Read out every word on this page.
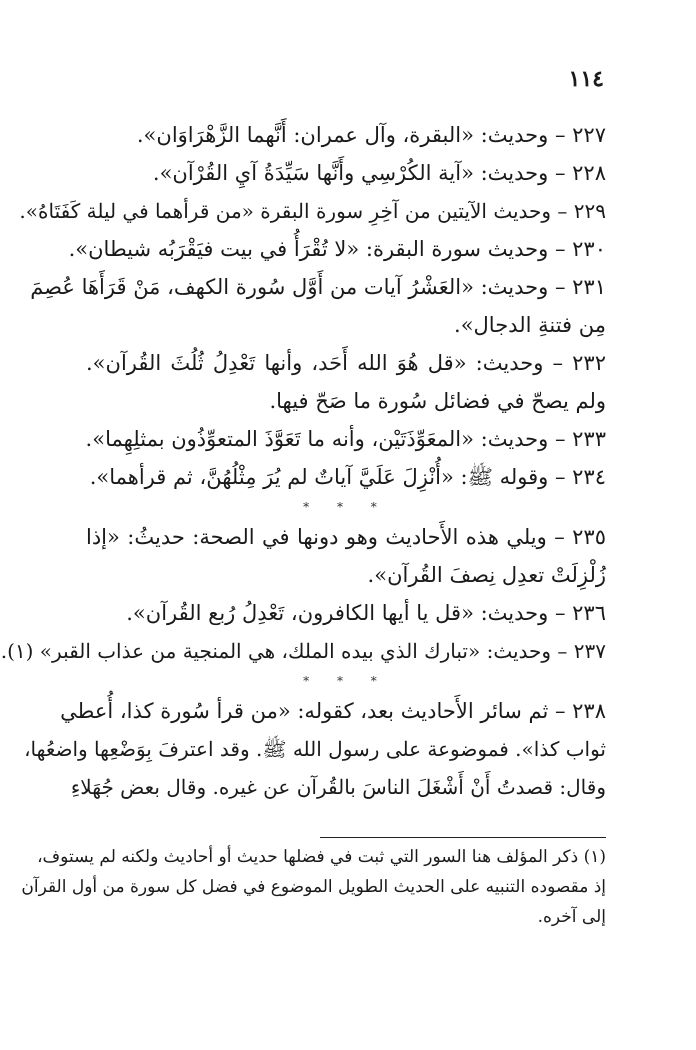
١١٤
٢٢٧ – وحديث: «البقرة، وآل عمران: أَنَّهما الزَّهْرَاوَان».
٢٢٨ – وحديث: «آية الكُرْسِي وأَنَّها سَيِّدَةُ آيِ القُرْآن».
٢٢٩ – وحديث الآيتين من آخِرِ سورة البقرة «من قرأهما في ليلة كَفَتَاهُ».
٢٣٠ – وحديث سورة البقرة: «لا تُقْرَأُ في بيت فيَقْرَبُه شيطان».
٢٣١ – وحديث: «العَشْرُ آيات من أَوَّل سُورة الكهف، مَنْ قَرَأَهَا عُصِمَ
مِن فتنةِ الدجال».
٢٣٢ – وحديث: «قل هُوَ الله أَحَد، وأنها تَعْدِلُ ثُلُثَ القُرآن».
ولم يصحّ في فضائل سُورة ما صَحّ فيها.
٢٣٣ – وحديث: «المعَوِّذَتَيْن، وأنه ما تَعَوَّذَ المتعوِّذُون بمثلِهِما».
٢٣٤ – وقوله ﷺ: «أُنْزِلَ عَلَيَّ آياتٌ لم يُرَ مِثْلُهُنَّ، ثم قرأهما».
* * *
٢٣٥ – ويلي هذه الأَحاديث وهو دونها في الصحة: حديثُ: «إذا
زُلْزِلَتْ تعدِل نِصفَ القُرآن».
٢٣٦ – وحديث: «قل يا أيها الكافرون، تَعْدِلُ رُبع القُرآن».
٢٣٧ – وحديث: «تبارك الذي بيده الملك، هي المنجية من عذاب القبر» (١).
* * *
٢٣٨ – ثم سائر الأَحاديث بعد، كقوله: «من قرأ سُورة كذا، أُعطي
ثواب كذا». فموضوعة على رسول الله ﷺ. وقد اعترفَ بِوَضْعِها واضعُها،
وقال: قصدتُ أَنْ أَشْغَلَ الناسَ بالقُرآن عن غيره. وقال بعض جُهَلاءِ
(١) ذكر المؤلف هنا السور التي ثبت في فضلها حديث أو أحاديث ولكنه لم يستوف،
إذ مقصوده التنبيه على الحديث الطويل الموضوع في فضل كل سورة من أول القرآن
إلى آخره.
